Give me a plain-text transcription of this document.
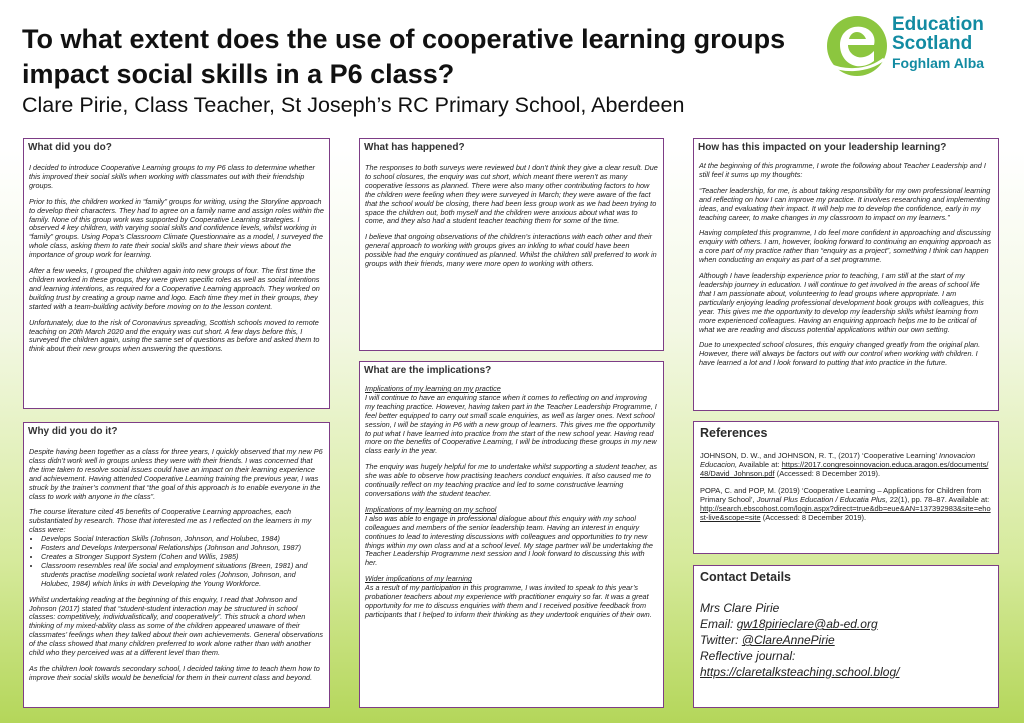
To what extent does the use of cooperative learning groups impact social skills in a P6 class?
Clare Pirie, Class Teacher, St Joseph’s RC Primary School, Aberdeen
Education
Scotland
Foghlam Alba
What did you do?

I decided to introduce Cooperative Learning groups to my P6 class to determine whether this improved their social skills when working with classmates out with their friendship groups.

Prior to this, the children worked in “family” groups for writing, using the Storyline approach to develop their characters. They had to agree on a family name and assign roles within the family. None of this group work was supported by Cooperative Learning strategies. I observed 4 key children, with varying social skills and confidence levels, whilst working in “family” groups. Using Popa’s Classroom Climate Questionnaire as a model, I surveyed the whole class, asking them to rate their social skills and share their views about the importance of group work for learning.

After a few weeks, I grouped the children again into new groups of four. The first time the children worked in these groups, they were given specific roles as well as social intentions and learning intentions, as required for a Cooperative Learning approach. They worked on building trust by creating a group name and logo. Each time they met in their groups, they started with a team-building activity before moving on to the lesson content.

Unfortunately, due to the risk of Coronavirus spreading, Scottish schools moved to remote teaching on 20th March 2020 and the enquiry was cut short. A few days before this, I surveyed the children again, using the same set of questions as before and asked them to think about their new groups when answering the questions.

Why did you do it?

Despite having been together as a class for three years, I quickly observed that my new P6 class didn’t work well in groups unless they were with their friends. I was concerned that the time taken to resolve social issues could have an impact on their learning experience and achievement. Having attended Cooperative Learning training the previous year, I was struck by the trainer’s comment that “the goal of this approach is to enable everyone in the class to work with anyone in the class”.

The course literature cited 45 benefits of Cooperative Learning approaches, each substantiated by research. Those that interested me as I reflected on the learners in my class were:

• Develops Social Interaction Skills (Johnson, Johnson, and Holubec, 1984)
• Fosters and Develops Interpersonal Relationships (Johnson and Johnson, 1987)
• Creates a Stronger Support System (Cohen and Willis, 1985)
• Classroom resembles real life social and employment situations (Breen, 1981) and students practise modelling societal work related roles (Johnson, Johnson, and Holubec, 1984) which links in with Developing the Young Workforce.

Whilst undertaking reading at the beginning of this enquiry, I read that Johnson and Johnson (2017) stated that “student-student interaction may be structured in school classes: competitively, individualistically, and cooperatively”. This struck a chord when thinking of my mixed-ability class as some of the children appeared unaware of their classmates’ feelings when they talked about their own achievements. General observations of the class showed that many children preferred to work alone rather than with another child who they perceived was at a different level than them.

As the children look towards secondary school, I decided taking time to teach them how to improve their social skills would be beneficial for them in their current class and beyond.

What has happened?

The responses to both surveys were reviewed but I don’t think they give a clear result. Due to school closures, the enquiry was cut short, which meant there weren’t as many cooperative lessons as planned. There were also many other contributing factors to how the children were feeling when they were surveyed in March; they were aware of the fact that the school would be closing, there had been less group work as we had been trying to space the children out, both myself and the children were anxious about what was to come, and they also had a student teacher teaching them for some of the time.

I believe that ongoing observations of the children’s interactions with each other and their general approach to working with groups gives an inkling to what could have been possible had the enquiry continued as planned. Whilst the children still preferred to work in groups with their friends, many were more open to working with others.

What are the implications?
Implications of my learning on my practice

I will continue to have an enquiring stance when it comes to reflecting on and improving my teaching practice. However, having taken part in the Teacher Leadership Programme, I feel better equipped to carry out small scale enquiries, as well as larger ones. Next school session, I will be staying in P6 with a new group of learners. This gives me the opportunity to put what I have learned into practice from the start of the new school year. Having read more on the benefits of Cooperative Learning, I will be introducing these groups in my new class early in the year.

The enquiry was hugely helpful for me to undertake whilst supporting a student teacher, as she was able to observe how practising teachers conduct enquiries. It also caused me to continually reflect on my teaching practice and led to some constructive learning conversations with the student teacher.

Implications of my learning on my school

I also was able to engage in professional dialogue about this enquiry with my school colleagues and members of the senior leadership team. Having an interest in enquiry continues to lead to interesting discussions with colleagues and opportunities to try new things within my own class and at a school level. My stage partner will be undertaking the Teacher Leadership Programme next session and I look forward to discussing this with her.

Wider implications of my learning

As a result of my participation in this programme, I was invited to speak to this year’s probationer teachers about my experience with practitioner enquiry so far. It was a great opportunity for me to discuss enquiries with them and I received positive feedback from participants that I helped to inform their thinking as they undertook enquiries of their own.

How has this impacted on your leadership learning?

At the beginning of this programme, I wrote the following about Teacher Leadership and I still feel it sums up my thoughts:

“Teacher leadership, for me, is about taking responsibility for my own professional learning and reflecting on how I can improve my practice. It involves researching and implementing ideas, and evaluating their impact. It will help me to develop the confidence, early in my teaching career, to make changes in my classroom to impact on my learners.”

Having completed this programme, I do feel more confident in approaching and discussing enquiry with others. I am, however, looking forward to continuing an enquiring approach as a core part of my practice rather than “enquiry as a project”, something I think can happen when conducting an enquiry as part of a set programme.

Although I have leadership experience prior to teaching, I am still at the start of my leadership journey in education. I will continue to get involved in the areas of school life that I am passionate about, volunteering to lead groups where appropriate. I am particularly enjoying leading professional development book groups with colleagues, this year. This gives me the opportunity to develop my leadership skills whilst learning from more experienced colleagues. Having an enquiring approach helps me to be critical of what we are reading and discuss potential applications within our own setting.

Due to unexpected school closures, this enquiry changed greatly from the original plan. However, there will always be factors out with our control when working with children. I have learned a lot and I look forward to putting that into practice in the future.

References

JOHNSON, D. W., and JOHNSON, R. T., (2017) ‘Cooperative Learning’ Innovacion Educacion, Available at: https://2017.congresoinnovacion.educa.aragon.es/documents/48/David_Johnson.pdf (Accessed: 8 December 2019).

POPA, C. and POP, M. (2019) ‘Cooperative Learning – Applications for Children from Primary School’, Journal Plus Education / Educatia Plus, 22(1), pp. 78–87. Available at: http://search.ebscohost.com/login.aspx?direct=true&db=eue&AN=137392983&site=ehost-live&scope=site (Accessed: 8 December 2019).

Contact Details
Mrs Clare Pirie
Email: gw18pirieclare@ab-ed.org
Twitter: @ClareAnnePirie
Reflective journal:
https://claretalksteaching.school.blog/
